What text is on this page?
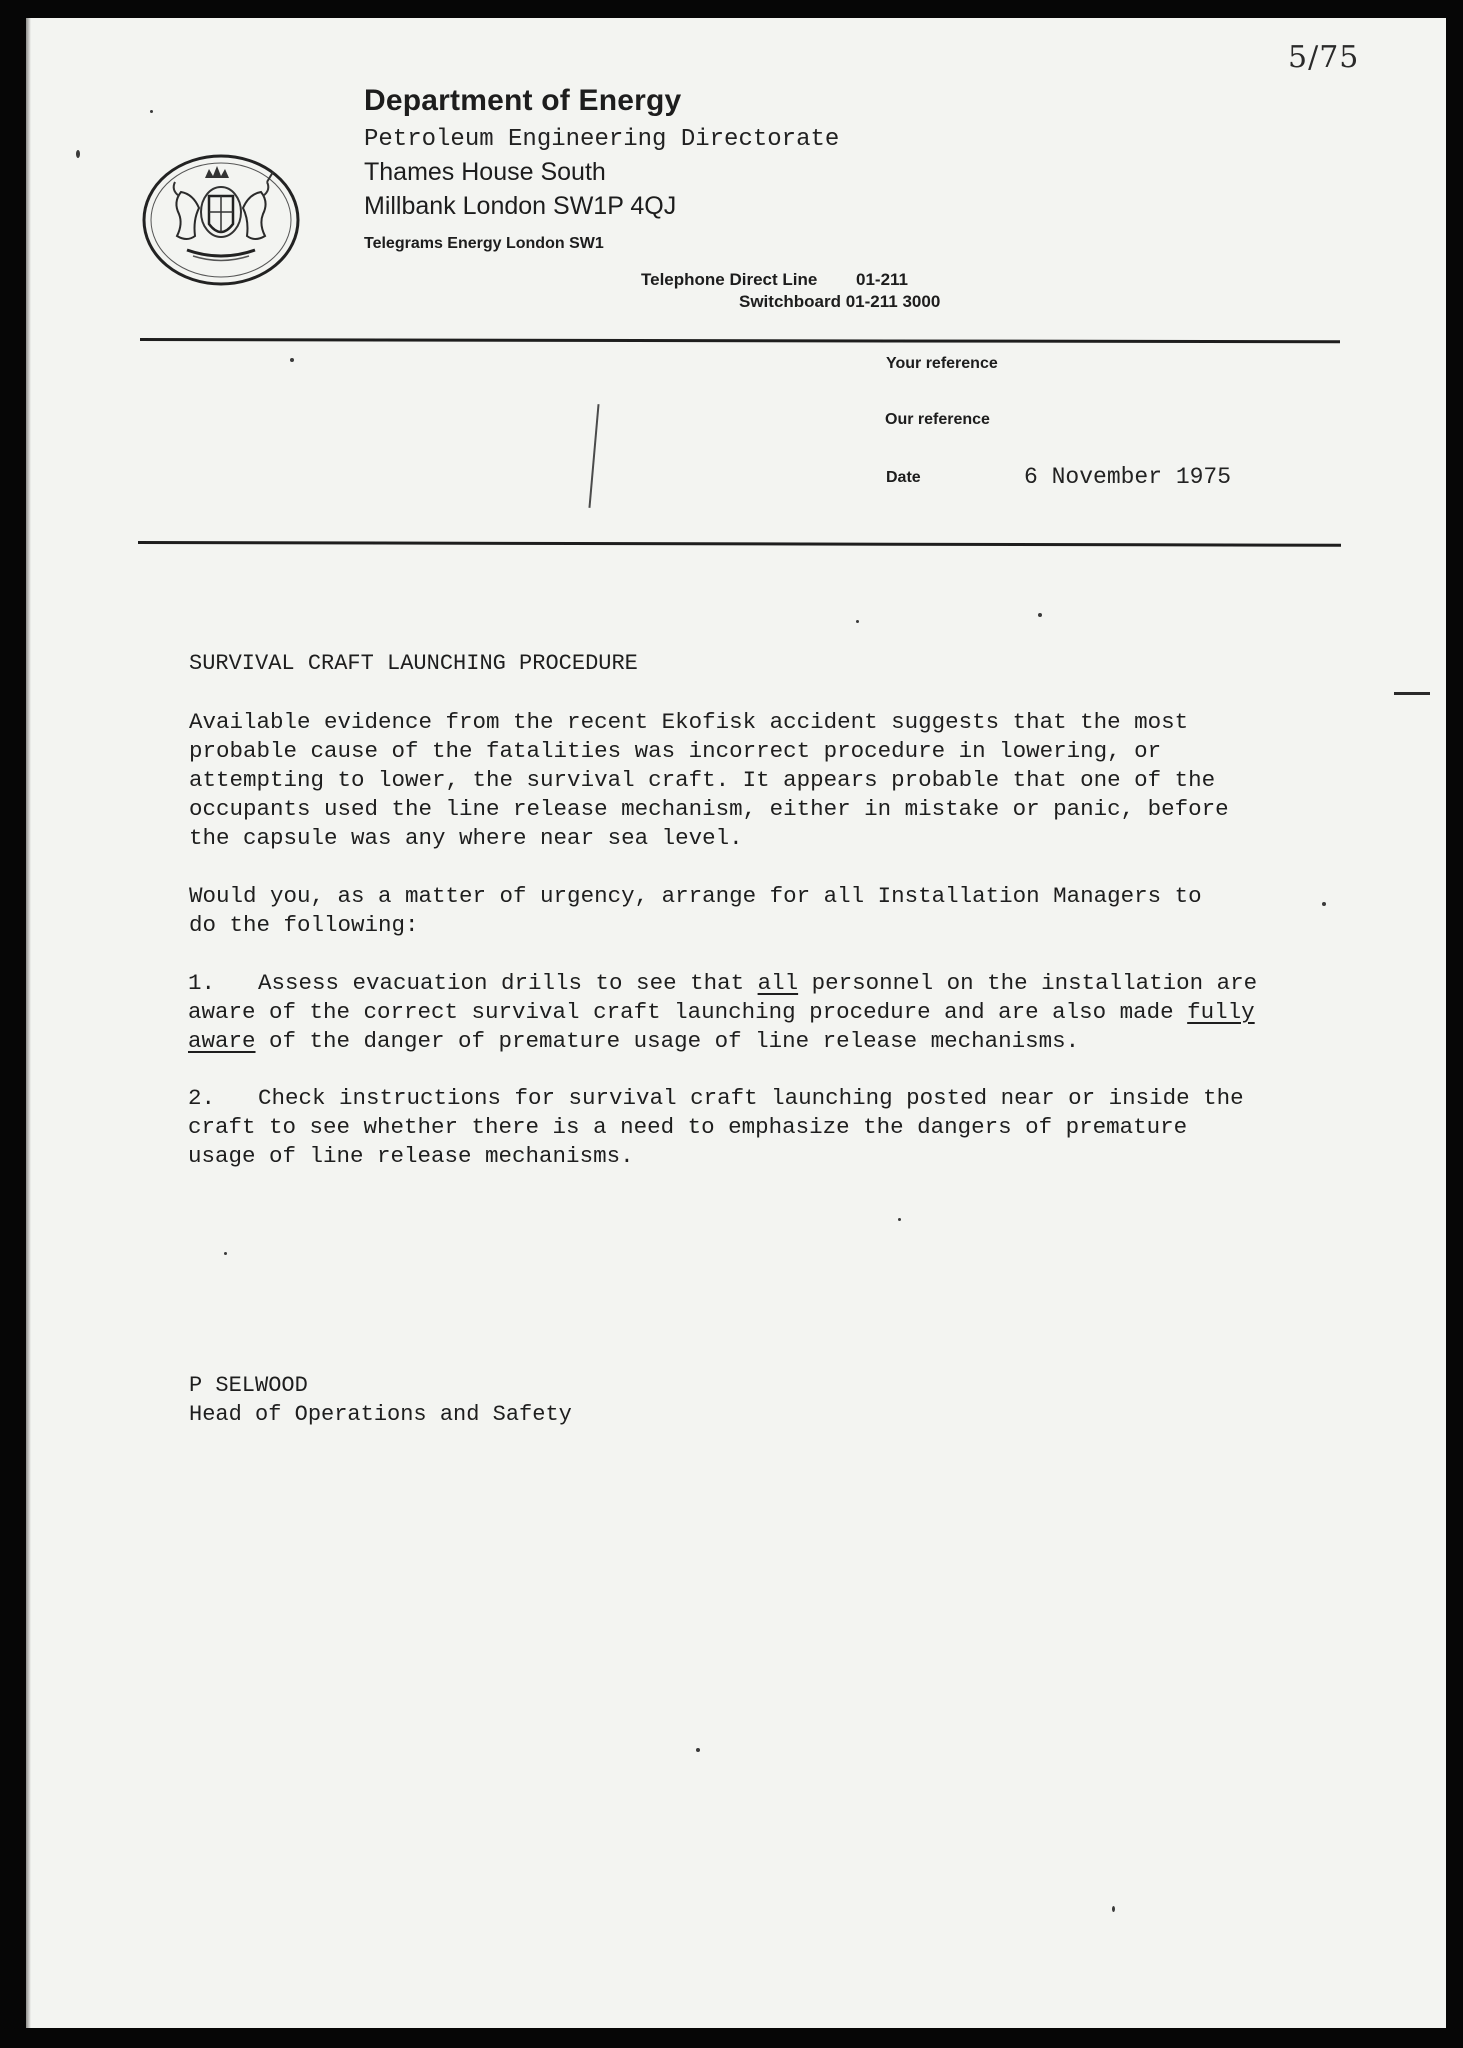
5/75
Department of Energy
Petroleum Engineering Directorate
Thames House South
Millbank London SW1P 4QJ
Telegrams Energy London SW1
Telephone Direct Line 01-211
Switchboard 01-211 3000
Your reference
Our reference
Date	6 November 1975
SURVIVAL CRAFT LAUNCHING PROCEDURE
Available evidence from the recent Ekofisk accident suggests that the most
probable cause of the fatalities was incorrect procedure in lowering, or
attempting to lower, the survival craft. It appears probable that one of the
occupants used the line release mechanism, either in mistake or panic, before
the capsule was any where near sea level.
Would you, as a matter of urgency, arrange for all Installation Managers to
do the following:
1. Assess evacuation drills to see that all personnel on the installation are
aware of the correct survival craft launching procedure and are also made fully
aware of the danger of premature usage of line release mechanisms.
2. Check instructions for survival craft launching posted near or inside the
craft to see whether there is a need to emphasize the dangers of premature
usage of line release mechanisms.
P SELWOOD
Head of Operations and Safety
